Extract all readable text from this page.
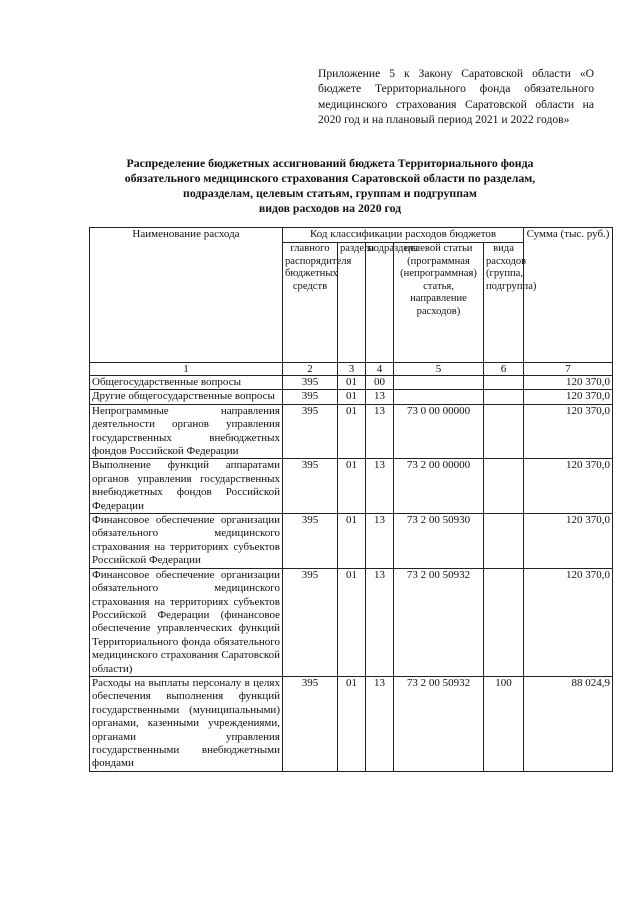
Приложение 5 к Закону Саратовской области «О бюджете Территориального фонда обязательного медицинского страхования Саратовской области на 2020 год и на плановый период 2021 и 2022 годов»
Распределение бюджетных ассигнований бюджета Территориального фонда
обязательного медицинского страхования Саратовской области по разделам,
подразделам, целевым статьям, группам и подгруппам
видов расходов на 2020 год
Наименование расхода	Код классификации расходов бюджетов					Сумма (тыс. руб.)
	главного распорядителя бюджетных средств	раздела	подраздела	целевой статьи (программная (непрограммная) статья, направление расходов)	вида расходов (группа, подгруппа)	
1	2	3	4	5	6	7
Общегосударственные вопросы	395	01	00			120 370,0
Другие общегосударственные вопросы	395	01	13			120 370,0
Непрограммные направления деятельности органов управления государственных внебюджетных фондов Российской Федерации	395	01	13	73 0 00 00000		120 370,0
Выполнение функций аппаратами органов управления государственных внебюджетных фондов Российской Федерации	395	01	13	73 2 00 00000		120 370,0
Финансовое обеспечение организации обязательного медицинского страхования на территориях субъектов Российской Федерации	395	01	13	73 2 00 50930		120 370,0
Финансовое обеспечение организации обязательного медицинского страхования на территориях субъектов Российской Федерации (финансовое обеспечение управленческих функций Территориального фонда обязательного медицинского страхования Саратовской области)	395	01	13	73 2 00 50932		120 370,0
Расходы на выплаты персоналу в целях обеспечения выполнения функций государственными (муниципальными) органами, казенными учреждениями, органами управления государственными внебюджетными фондами	395	01	13	73 2 00 50932	100	88 024,9
